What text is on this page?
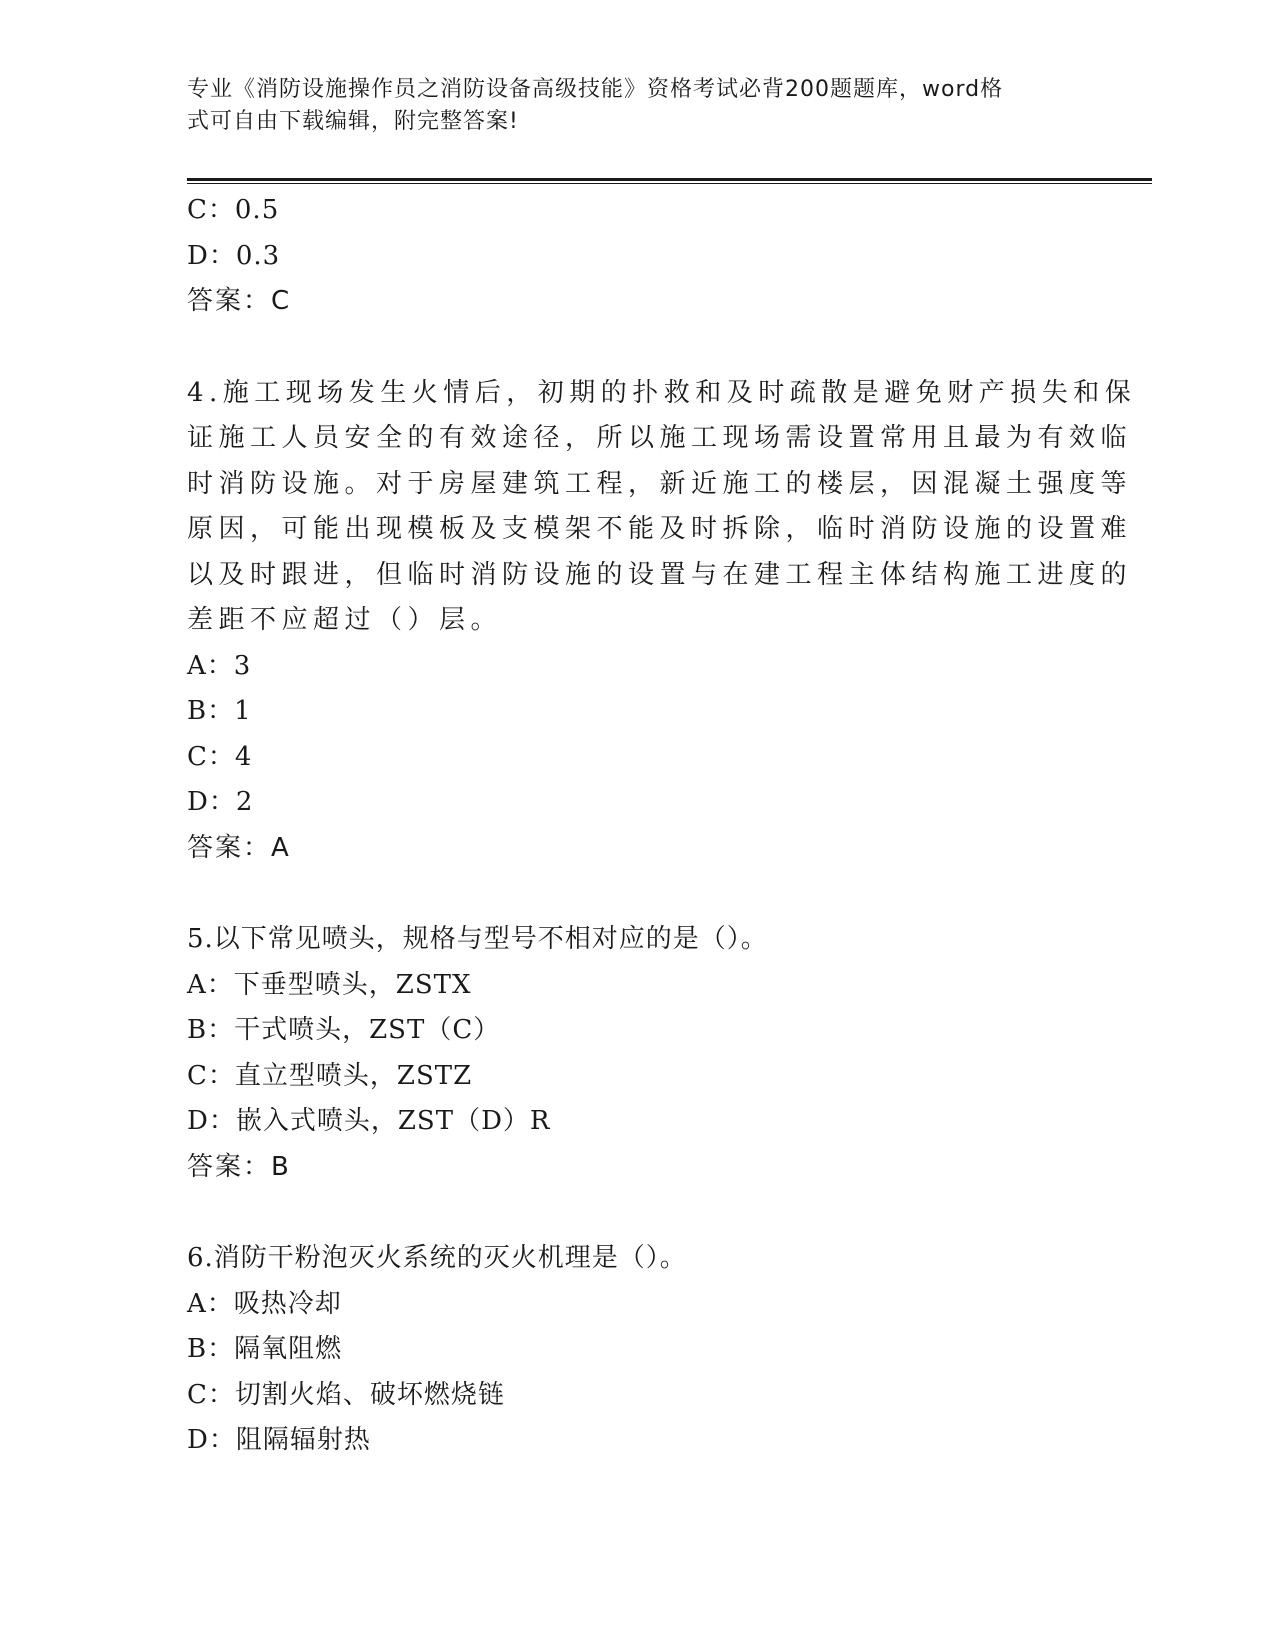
专业《消防设施操作员之消防设备高级技能》资格考试必背200题题库，word格
式可自由下载编辑，附完整答案!
C：0.5
D：0.3
答案：C
4.施工现场发生火情后，初期的扑救和及时疏散是避免财产损失和保
证施工人员安全的有效途径，所以施工现场需设置常用且最为有效临
时消防设施。对于房屋建筑工程，新近施工的楼层，因混凝土强度等
原因，可能出现模板及支模架不能及时拆除，临时消防设施的设置难
以及时跟进，但临时消防设施的设置与在建工程主体结构施工进度的
差距不应超过（）层。
A：3
B：1
C：4
D：2
答案：A
5.以下常见喷头，规格与型号不相对应的是（）。
A：下垂型喷头，ZSTX
B：干式喷头，ZST（C）
C：直立型喷头，ZSTZ
D：嵌入式喷头，ZST（D）R
答案：B
6.消防干粉泡灭火系统的灭火机理是（）。
A：吸热冷却
B：隔氧阻燃
C：切割火焰、破坏燃烧链
D：阻隔辐射热
